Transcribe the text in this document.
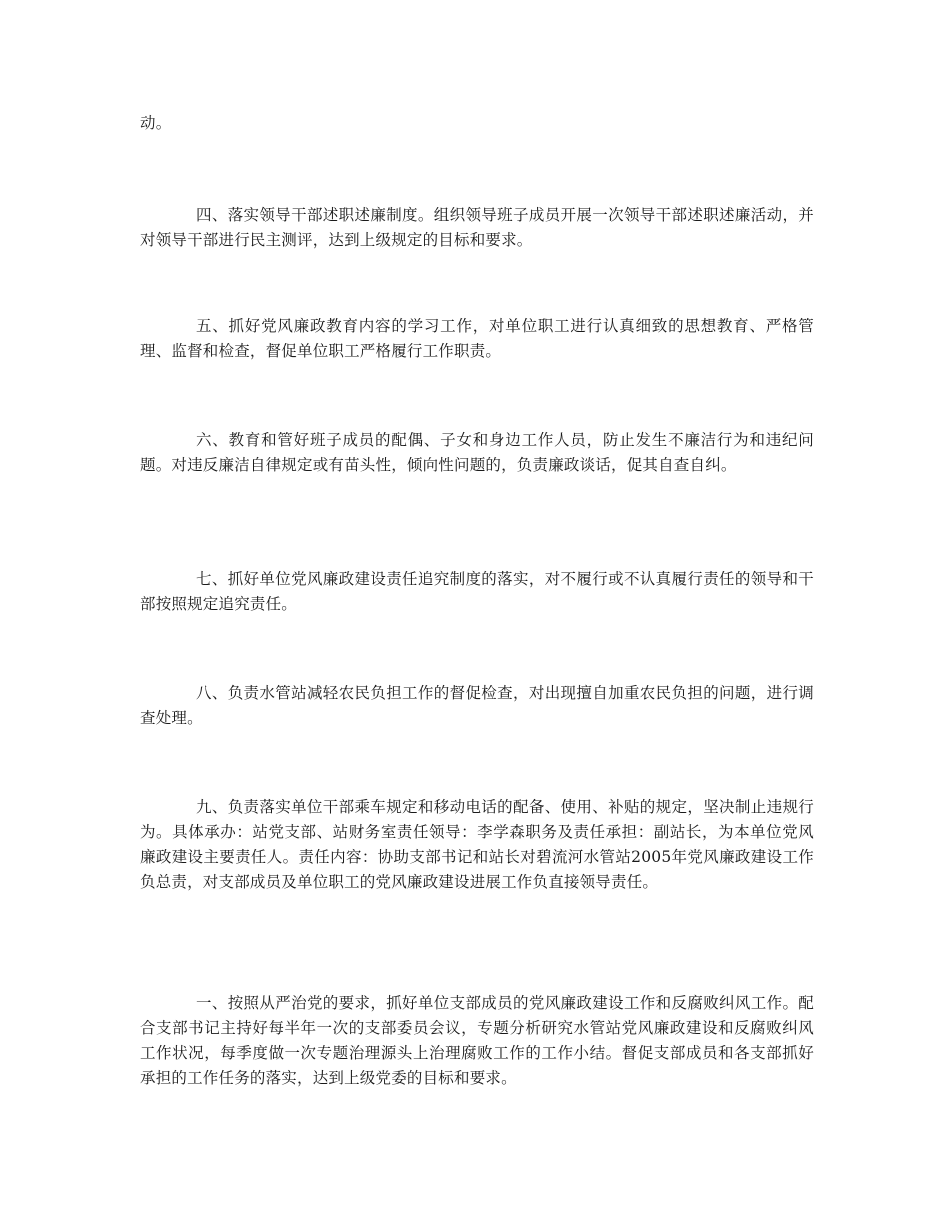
动。

四、落实领导干部述职述廉制度。组织领导班子成员开展一次领导干部述职述廉活动，并对领导干部进行民主测评，达到上级规定的目标和要求。

五、抓好党风廉政教育内容的学习工作，对单位职工进行认真细致的思想教育、严格管理、监督和检查，督促单位职工严格履行工作职责。

六、教育和管好班子成员的配偶、子女和身边工作人员，防止发生不廉洁行为和违纪问题。对违反廉洁自律规定或有苗头性，倾向性问题的，负责廉政谈话，促其自查自纠。

七、抓好单位党风廉政建设责任追究制度的落实，对不履行或不认真履行责任的领导和干部按照规定追究责任。

八、负责水管站减轻农民负担工作的督促检查，对出现擅自加重农民负担的问题，进行调查处理。

九、负责落实单位干部乘车规定和移动电话的配备、使用、补贴的规定，坚决制止违规行为。具体承办：站党支部、站财务室责任领导：李学森职务及责任承担：副站长，为本单位党风廉政建设主要责任人。责任内容：协助支部书记和站长对碧流河水管站2005年党风廉政建设工作负总责，对支部成员及单位职工的党风廉政建设进展工作负直接领导责任。

一、按照从严治党的要求，抓好单位支部成员的党风廉政建设工作和反腐败纠风工作。配合支部书记主持好每半年一次的支部委员会议，专题分析研究水管站党风廉政建设和反腐败纠风工作状况，每季度做一次专题治理源头上治理腐败工作的工作小结。督促支部成员和各支部抓好承担的工作任务的落实，达到上级党委的目标和要求。
